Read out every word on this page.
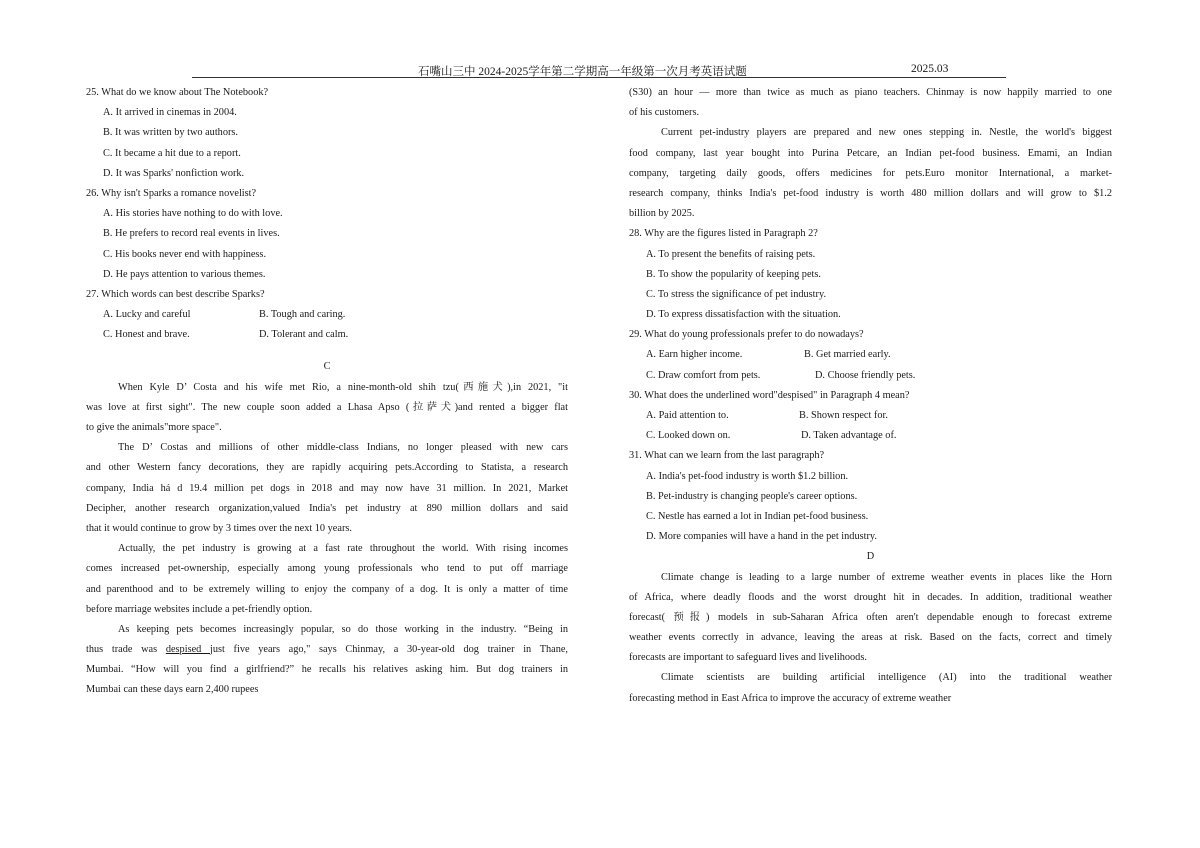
石嘴山三中 2024-2025学年第二学期高一年级第一次月考英语试题	2025.03
25. What do we know about The Notebook?
A. It arrived in cinemas in 2004.
B. It was written by two authors.
C. It became a hit due to a report.
D. It was Sparks' nonfiction work.
26. Why isn't Sparks a romance novelist?
A. His stories have nothing to do with love.
B. He prefers to record real events in lives.
C. His books never end with happiness.
D. He pays attention to various themes.
27. Which words can best describe Sparks?
A. Lucky and careful	B. Tough and caring.
C. Honest and brave.	D. Tolerant and calm.
C
When Kyle D’ Costa and his wife met Rio, a nine-month-old shih tzu(西施犬),in 2021, "it
was love at first sight". The new couple soon added a Lhasa Apso (拉萨犬)and rented a bigger flat
to give the animals"more space".
The D’ Costas and millions of other middle-class Indians, no longer pleased with new cars
and other Western fancy decorations, they are rapidly acquiring pets.According to Statista, a research
company, India há d 19.4 million pet dogs in 2018 and may now have 31 million. In 2021, Market
Decipher, another research organization,valued India's pet industry at 890 million dollars and said
that it would continue to grow by 3 times over the next 10 years.
Actually, the pet industry is growing at a fast rate throughout the world. With rising incomes
comes increased pet-ownership, especially among young professionals who tend to put off marriage
and parenthood and to be extremely willing to enjoy the company of a dog. It is only a matter of time
before marriage websites include a pet-friendly option.
As keeping pets becomes increasingly popular, so do those working in the industry. “Being in
thus trade was despised just five years ago," says Chinmay, a 30-year-old dog trainer in Thane,
Mumbai. “How will you find a girlfriend?” he recalls his relatives asking him. But dog trainers in
Mumbai can these days earn 2,400 rupees
(S30) an hour — more than twice as much as piano teachers. Chinmay is now happily married to one
of his customers.
Current pet-industry players are prepared and new ones stepping in. Nestle, the world's biggest
food company, last year bought into Purina Petcare, an Indian pet-food business. Emami, an Indian
company, targeting daily goods, offers medicines for pets.Euro monitor International, a market-
research company, thinks India's pet-food industry is worth 480 million dollars and will grow to $1.2
billion by 2025.
28. Why are the figures listed in Paragraph 2?
A. To present the benefits of raising pets.
B. To show the popularity of keeping pets.
C. To stress the significance of pet industry.
D. To express dissatisfaction with the situation.
29. What do young professionals prefer to do nowadays?
A. Earn higher income.	B. Get married early.
C. Draw comfort from pets.	D. Choose friendly pets.
30. What does the underlined word"despised" in Paragraph 4 mean?
A. Paid attention to.	B. Shown respect for.
C. Looked down on.	D. Taken advantage of.
31. What can we learn from the last paragraph?
A. India's pet-food industry is worth $1.2 billion.
B. Pet-industry is changing people's career options.
C. Nestle has earned a lot in Indian pet-food business.
D. More companies will have a hand in the pet industry.
D
Climate change is leading to a large number of extreme weather events in places like the Horn
of Africa, where deadly floods and the worst drought hit in decades. In addition, traditional weather
forecast( 预报) models in sub-Saharan Africa often aren't dependable enough to forecast extreme
weather events correctly in advance, leaving the areas at risk. Based on the facts, correct and timely
forecasts are important to safeguard lives and livelihoods.
Climate scientists are building artificial intelligence (AI) into the traditional weather
forecasting method in East Africa to improve the accuracy of extreme weather
